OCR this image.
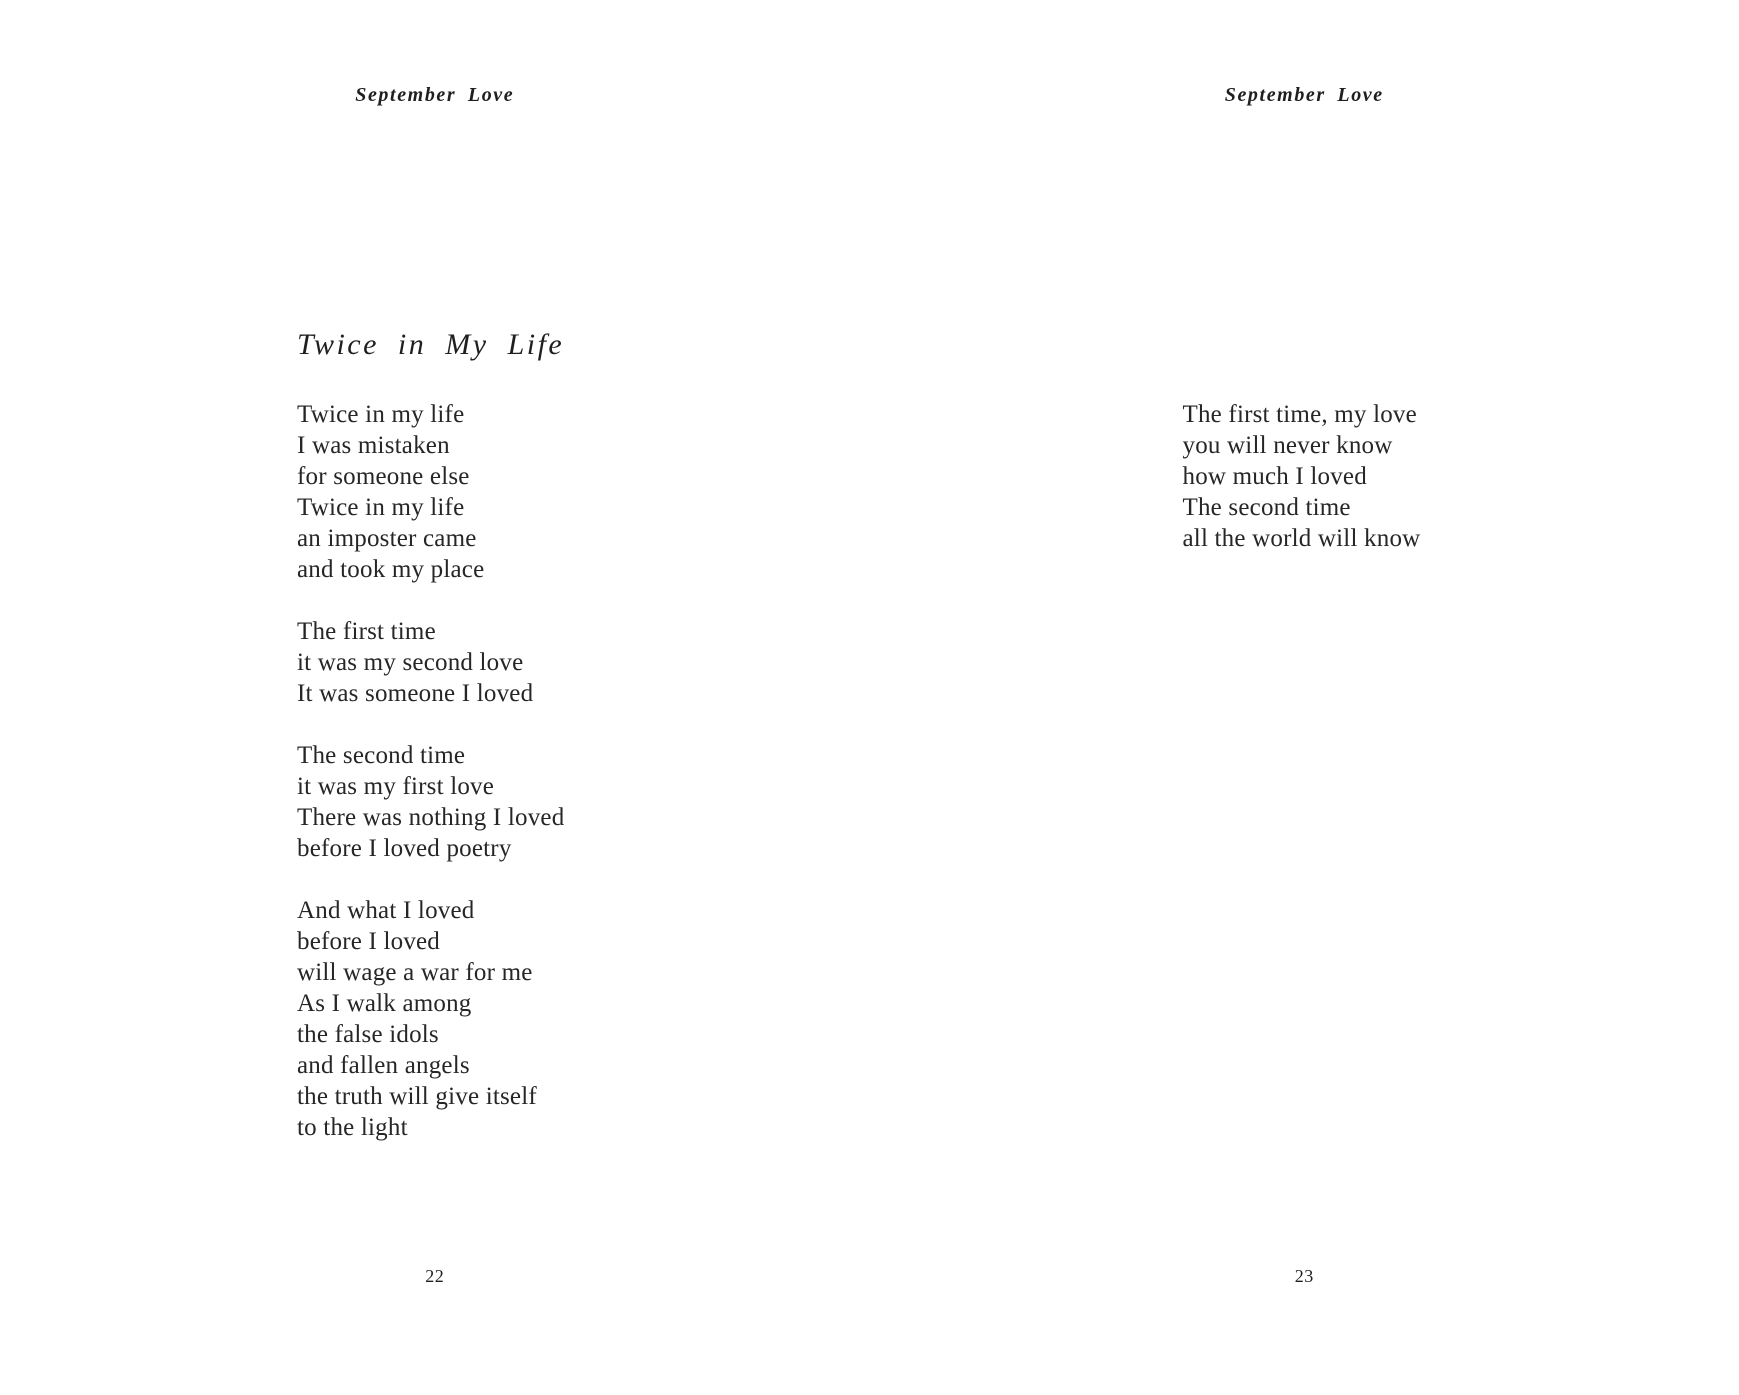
September Love
Twice in My Life
Twice in my life
I was mistaken
for someone else
Twice in my life
an imposter came
and took my place
The first time
it was my second love
It was someone I loved
The second time
it was my first love
There was nothing I loved
before I loved poetry
And what I loved
before I loved
will wage a war for me
As I walk among
the false idols
and fallen angels
the truth will give itself
to the light
22
September Love
The first time, my love
you will never know
how much I loved
The second time
all the world will know
23
